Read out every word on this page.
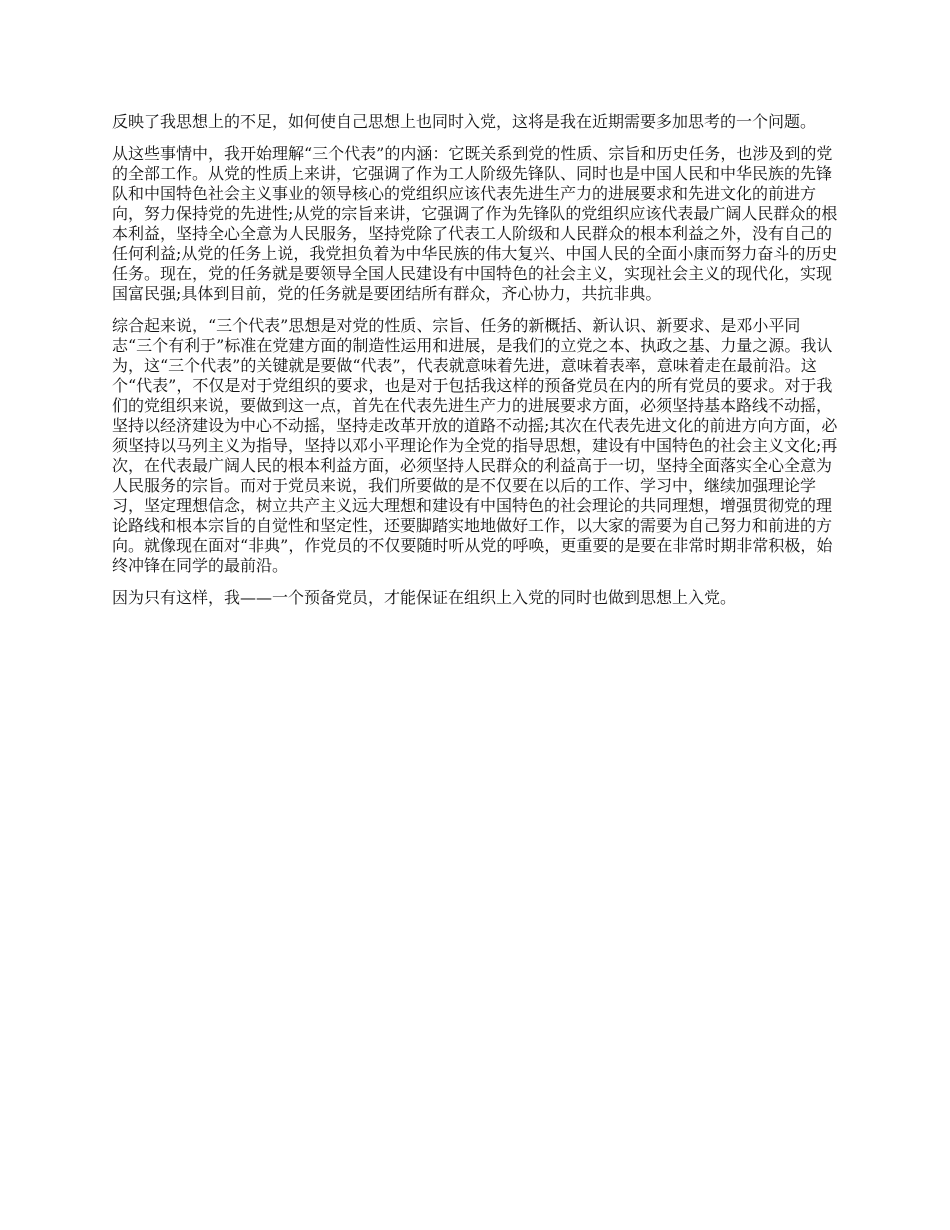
反映了我思想上的不足，如何使自己思想上也同时入党，这将是我在近期需要多加思考的一个问题。

从这些事情中，我开始理解“三个代表”的内涵：它既关系到党的性质、宗旨和历史任务，也涉及到的党的全部工作。从党的性质上来讲，它强调了作为工人阶级先锋队、同时也是中国人民和中华民族的先锋队和中国特色社会主义事业的领导核心的党组织应该代表先进生产力的进展要求和先进文化的前进方向，努力保持党的先进性;从党的宗旨来讲，它强调了作为先锋队的党组织应该代表最广阔人民群众的根本利益，坚持全心全意为人民服务，坚持党除了代表工人阶级和人民群众的根本利益之外，没有自己的任何利益;从党的任务上说，我党担负着为中华民族的伟大复兴、中国人民的全面小康而努力奋斗的历史任务。现在，党的任务就是要领导全国人民建设有中国特色的社会主义，实现社会主义的现代化，实现国富民强;具体到目前，党的任务就是要团结所有群众，齐心协力，共抗非典。

综合起来说，“三个代表”思想是对党的性质、宗旨、任务的新概括、新认识、新要求、是邓小平同志“三个有利于”标准在党建方面的制造性运用和进展，是我们的立党之本、执政之基、力量之源。我认为，这“三个代表”的关键就是要做“代表”，代表就意味着先进，意味着表率，意味着走在最前沿。这个“代表”，不仅是对于党组织的要求，也是对于包括我这样的预备党员在内的所有党员的要求。对于我们的党组织来说，要做到这一点，首先在代表先进生产力的进展要求方面，必须坚持基本路线不动摇，坚持以经济建设为中心不动摇，坚持走改革开放的道路不动摇;其次在代表先进文化的前进方向方面，必须坚持以马列主义为指导，坚持以邓小平理论作为全党的指导思想，建设有中国特色的社会主义文化;再次，在代表最广阔人民的根本利益方面，必须坚持人民群众的利益高于一切，坚持全面落实全心全意为人民服务的宗旨。而对于党员来说，我们所要做的是不仅要在以后的工作、学习中，继续加强理论学习，坚定理想信念，树立共产主义远大理想和建设有中国特色的社会理论的共同理想，增强贯彻党的理论路线和根本宗旨的自觉性和坚定性，还要脚踏实地地做好工作，以大家的需要为自己努力和前进的方向。就像现在面对“非典”，作党员的不仅要随时听从党的呼唤，更重要的是要在非常时期非常积极，始终冲锋在同学的最前沿。

因为只有这样，我——一个预备党员，才能保证在组织上入党的同时也做到思想上入党。
